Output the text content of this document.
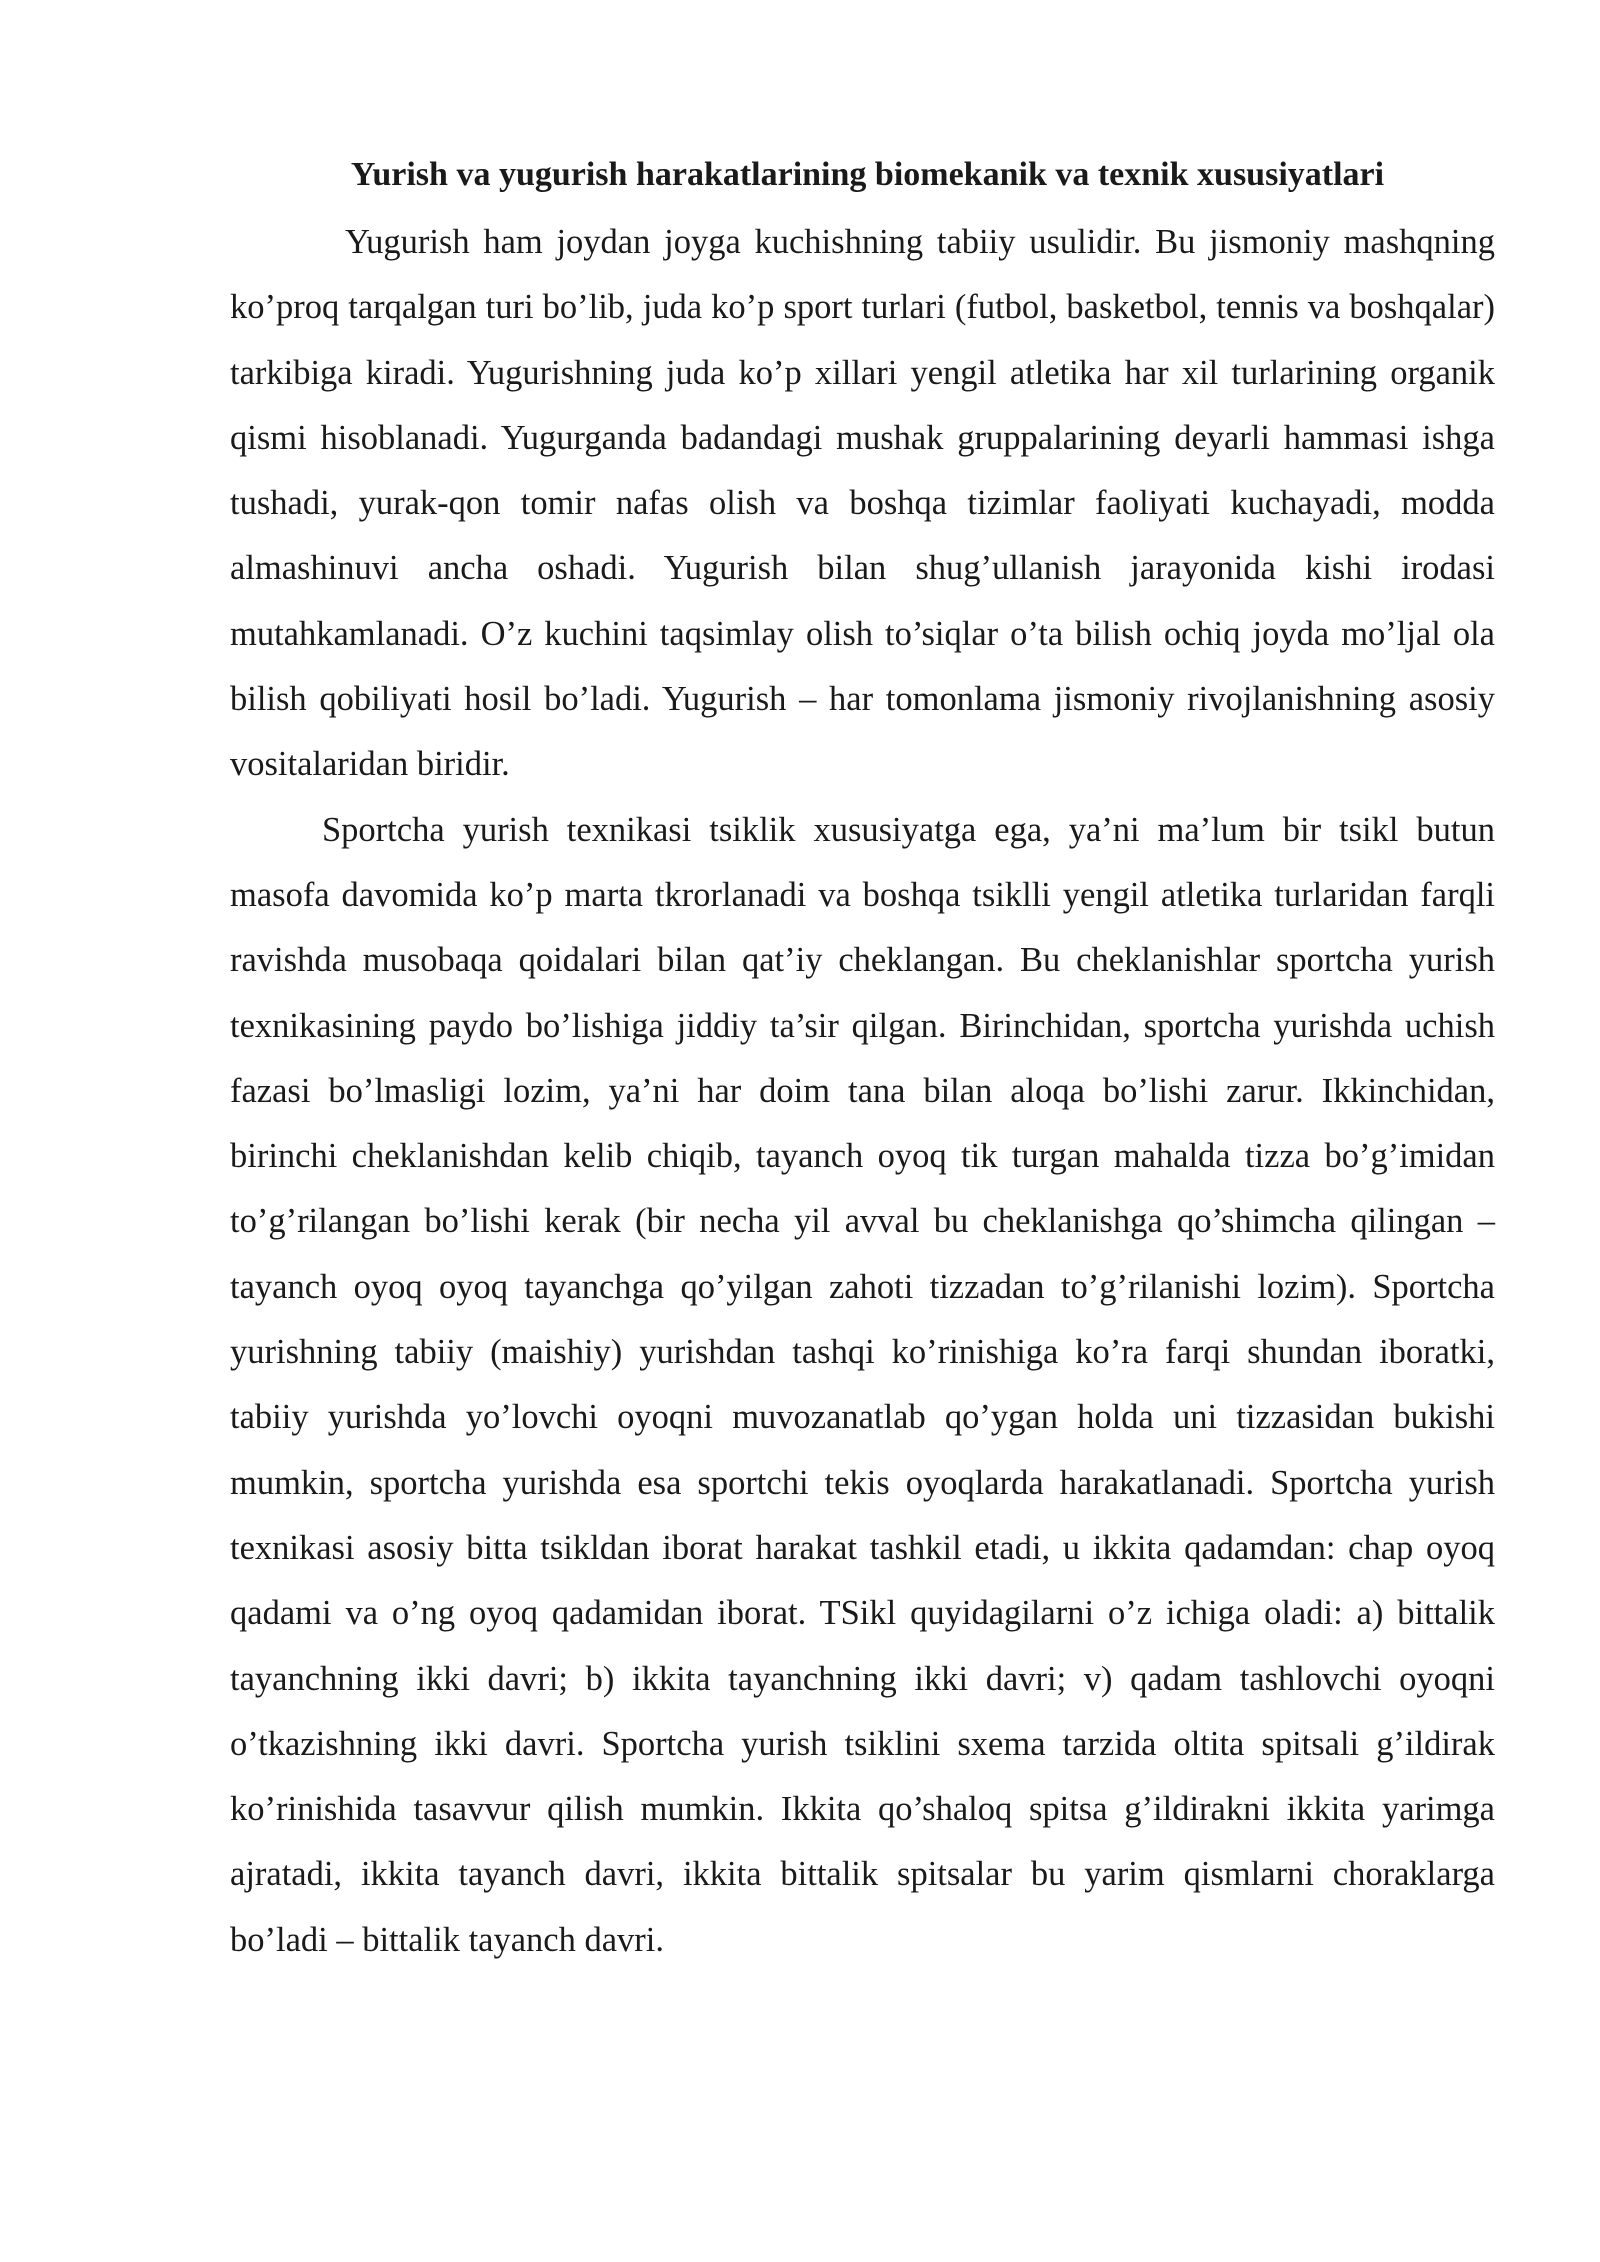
Yurish va yugurish harakatlarining biomekanik va texnik xususiyatlari

Yugurish ham joydan joyga kuchishning tabiiy usulidir. Bu jismoniy mashqning ko’proq tarqalgan turi bo’lib, juda ko’p sport turlari (futbol, basketbol, tennis va boshqalar) tarkibiga kiradi. Yugurishning juda ko’p xillari yengil atletika har xil turlarining organik qismi hisoblanadi. Yugurganda badandagi mushak gruppalarining deyarli hammasi ishga tushadi, yurak-qon tomir nafas olish va boshqa tizimlar faoliyati kuchayadi, modda almashinuvi ancha oshadi. Yugurish bilan shug’ullanish jarayonida kishi irodasi mutahkamlanadi. O’z kuchini taqsimlay olish to’siqlar o’ta bilish ochiq joyda mo’ljal ola bilish qobiliyati hosil bo’ladi. Yugurish – har tomonlama jismoniy rivojlanishning asosiy vositalaridan biridir.

Sportcha yurish texnikasi tsiklik xususiyatga ega, ya’ni ma’lum bir tsikl butun masofa davomida ko’p marta tkrorlanadi va boshqa tsiklli yengil atletika turlaridan farqli ravishda musobaqa qoidalari bilan qat’iy cheklangan. Bu cheklanishlar sportcha yurish texnikasining paydo bo’lishiga jiddiy ta’sir qilgan. Birinchidan, sportcha yurishda uchish fazasi bo’lmasligi lozim, ya’ni har doim tana bilan aloqa bo’lishi zarur. Ikkinchidan, birinchi cheklanishdan kelib chiqib, tayanch oyoq tik turgan mahalda tizza bo’g’imidan to’g’rilangan bo’lishi kerak (bir necha yil avval bu cheklanishga qo’shimcha qilingan – tayanch oyoq oyoq tayanchga qo’yilgan zahoti tizzadan to’g’rilanishi lozim). Sportcha yurishning tabiiy (maishiy) yurishdan tashqi ko’rinishiga ko’ra farqi shundan iboratki, tabiiy yurishda yo’lovchi oyoqni muvozanatlab qo’ygan holda uni tizzasidan bukishi mumkin, sportcha yurishda esa sportchi tekis oyoqlarda harakatlanadi. Sportcha yurish texnikasi asosiy bitta tsikldan iborat harakat tashkil etadi, u ikkita qadamdan: chap oyoq qadami va o’ng oyoq qadamidan iborat. TSikl quyidagilarni o’z ichiga oladi: a) bittalik tayanchning ikki davri; b) ikkita tayanchning ikki davri; v) qadam tashlovchi oyoqni o’tkazishning ikki davri. Sportcha yurish tsiklini sxema tarzida oltita spitsali g’ildirak ko’rinishida tasavvur qilish mumkin. Ikkita qo’shaloq spitsa g’ildirakni ikkita yarimga ajratadi, ikkita tayanch davri, ikkita bittalik spitsalar bu yarim qismlarni choraklarga bo’ladi – bittalik tayanch davri.
